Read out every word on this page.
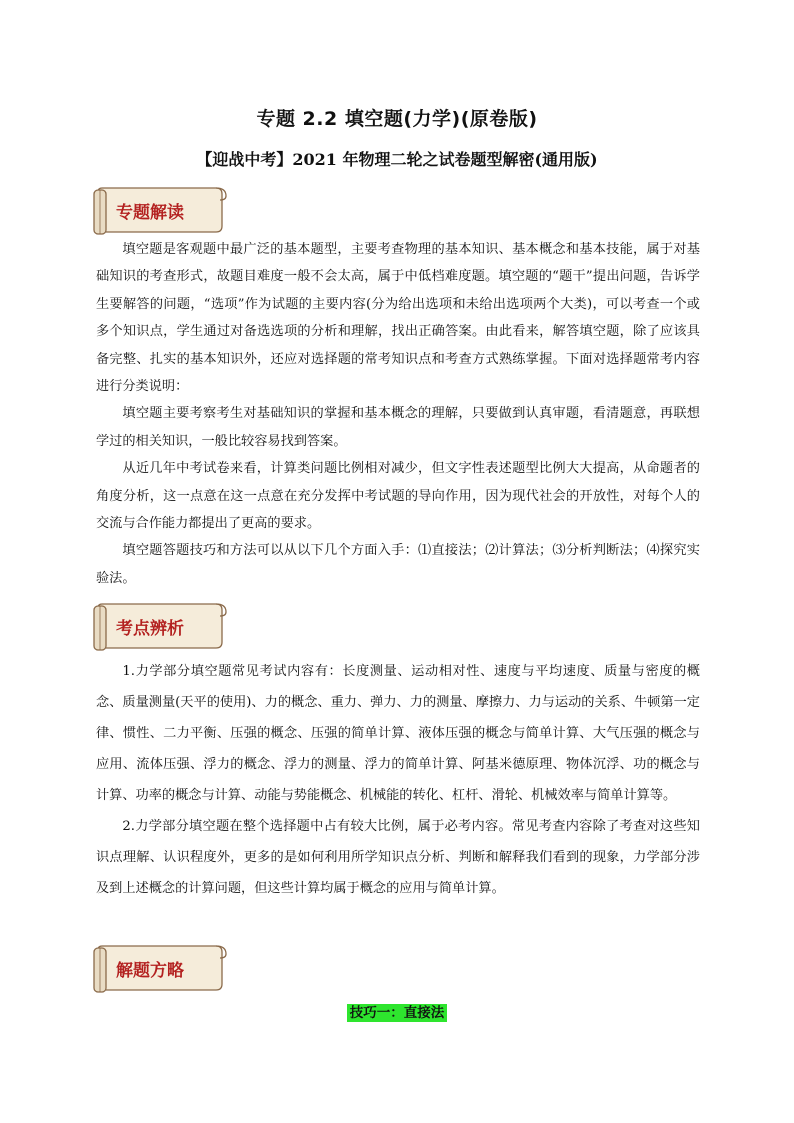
专题 2.2 填空题(力学)(原卷版)
【迎战中考】2021 年物理二轮之试卷题型解密(通用版)
专题解读

填空题是客观题中最广泛的基本题型，主要考查物理的基本知识、基本概念和基本技能，属于对基础知识的考查形式，故题目难度一般不会太高，属于中低档难度题。填空题的“题干”提出问题，告诉学生要解答的问题，“选项”作为试题的主要内容(分为给出选项和未给出选项两个大类)，可以考查一个或多个知识点，学生通过对备选选项的分析和理解，找出正确答案。由此看来，解答填空题，除了应该具备完整、扎实的基本知识外，还应对选择题的常考知识点和考查方式熟练掌握。下面对选择题常考内容进行分类说明：

填空题主要考察考生对基础知识的掌握和基本概念的理解，只要做到认真审题，看清题意，再联想学过的相关知识，一般比较容易找到答案。

从近几年中考试卷来看，计算类问题比例相对减少，但文字性表述题型比例大大提高，从命题者的角度分析，这一点意在这一点意在充分发挥中考试题的导向作用，因为现代社会的开放性，对每个人的交流与合作能力都提出了更高的要求。

填空题答题技巧和方法可以从以下几个方面入手：⑴直接法；⑵计算法；⑶分析判断法；⑷探究实验法。

考点辨析

1.力学部分填空题常见考试内容有：长度测量、运动相对性、速度与平均速度、质量与密度的概念、质量测量(天平的使用)、力的概念、重力、弹力、力的测量、摩擦力、力与运动的关系、牛顿第一定律、惯性、二力平衡、压强的概念、压强的简单计算、液体压强的概念与简单计算、大气压强的概念与应用、流体压强、浮力的概念、浮力的测量、浮力的简单计算、阿基米德原理、物体沉浮、功的概念与计算、功率的概念与计算、动能与势能概念、机械能的转化、杠杆、滑轮、机械效率与简单计算等。

2.力学部分填空题在整个选择题中占有较大比例，属于必考内容。常见考查内容除了考查对这些知识点理解、认识程度外，更多的是如何利用所学知识点分析、判断和解释我们看到的现象，力学部分涉及到上述概念的计算问题，但这些计算均属于概念的应用与简单计算。

解题方略
技巧一：直接法
